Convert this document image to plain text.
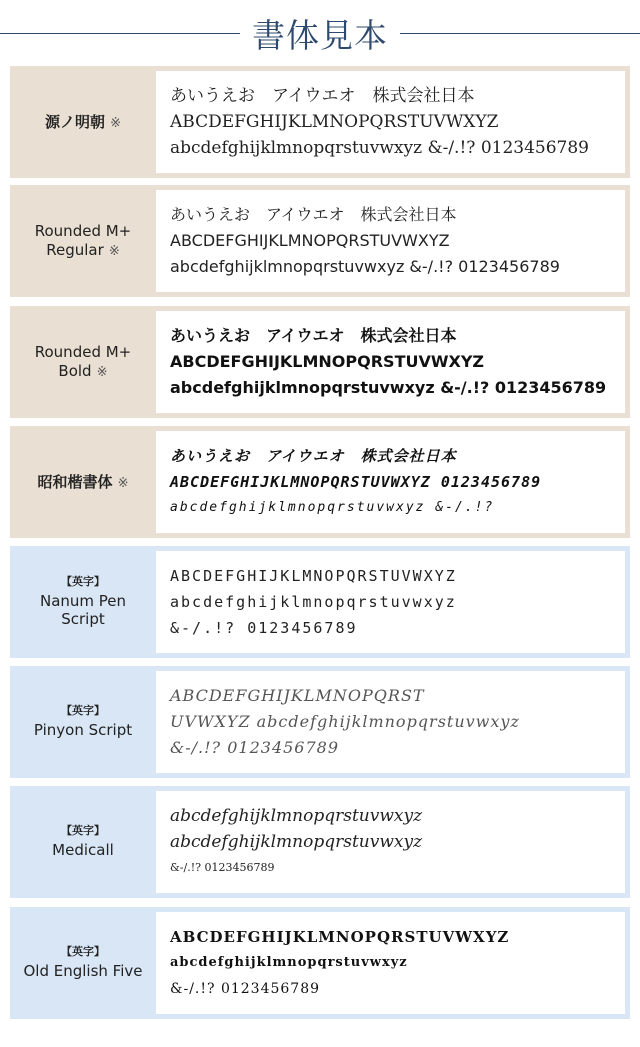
書体見本
源ノ明朝 ※
あいうえお　アイウエオ　株式会社日本
ABCDEFGHIJKLMNOPQRSTUVWXYZ
abcdefghijklmnopqrstuvwxyz &-/.!? 0123456789
Rounded M+
Regular ※
あいうえお　アイウエオ　株式会社日本
ABCDEFGHIJKLMNOPQRSTUVWXYZ
abcdefghijklmnopqrstuvwxyz &-/.!? 0123456789
Rounded M+
Bold ※
あいうえお　アイウエオ　株式会社日本
ABCDEFGHIJKLMNOPQRSTUVWXYZ
abcdefghijklmnopqrstuvwxyz &-/.!? 0123456789
昭和楷書体 ※
あいうえお　アイウエオ　株式会社日本
ABCDEFGHIJKLMNOPQRSTUVWXYZ 0123456789
abcdefghijklmnopqrstuvwxyz &-/.!?
【英字】
Nanum Pen
Script
ABCDEFGHIJKLMNOPQRSTUVWXYZ
abcdefghijklmnopqrstuvwxyz
&-/.!? 0123456789
【英字】
Pinyon Script
ABCDEFGHIJKLMNOPQRST
UVWXYZ abcdefghijklmnopqrstuvwxyz
&-/.!? 0123456789
【英字】
Medicall
abcdefghijklmnopqrstuvwxyz
abcdefghijklmnopqrstuvwxyz
&-/.!? 0123456789
【英字】
Old English Five
ABCDEFGHIJKLMNOPQRSTUVWXYZ
abcdefghijklmnopqrstuvwxyz
&-/.!? 0123456789
